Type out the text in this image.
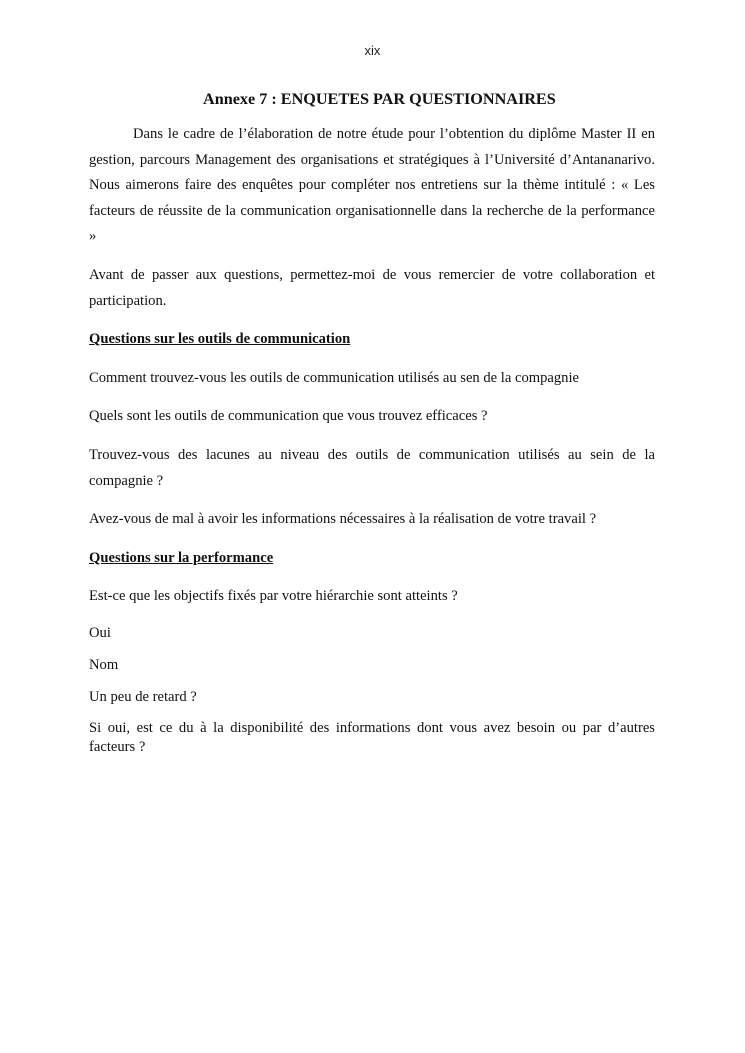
xix
Annexe 7 : ENQUETES PAR QUESTIONNAIRES

Dans le cadre de l’élaboration de notre étude pour l’obtention du diplôme Master II en gestion, parcours Management des organisations et stratégiques à l’Université d’Antananarivo. Nous aimerons faire des enquêtes pour compléter nos entretiens sur la thème intitulé : « Les facteurs de réussite de la communication organisationnelle dans la recherche de la performance »

Avant de passer aux questions, permettez-moi de vous remercier de votre collaboration et participation.

Questions sur les outils de communication

Comment trouvez-vous les outils de communication utilisés au sen de la compagnie

Quels sont les outils de communication que vous trouvez efficaces ?

Trouvez-vous des lacunes au niveau des outils de communication utilisés au sein de la compagnie ?

Avez-vous de mal à avoir les informations nécessaires à la réalisation de votre travail ?

Questions sur la performance

Est-ce que les objectifs fixés par votre hiérarchie sont atteints ?

Oui

Nom

Un peu de retard ?

Si oui, est ce du à la disponibilité des informations dont vous avez besoin ou par d’autres facteurs ?
